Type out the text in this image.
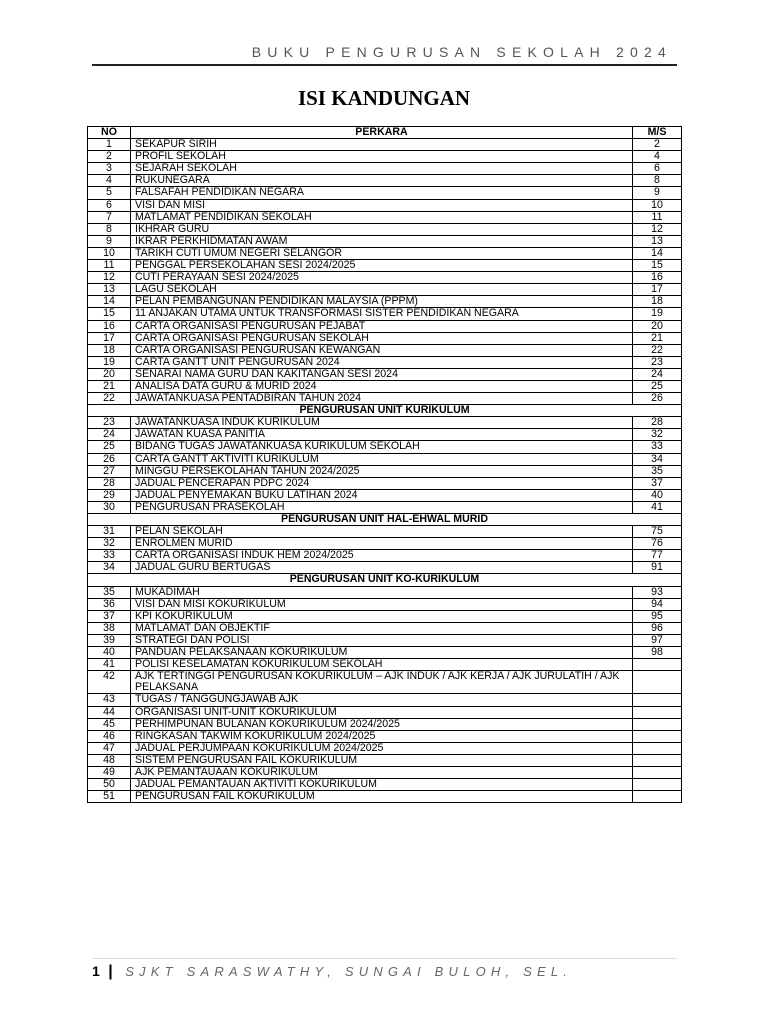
BUKU PENGURUSAN SEKOLAH 2024
ISI KANDUNGAN
NO	PERKARA	M/S
1	SEKAPUR SIRIH	2
2	PROFIL SEKOLAH	4
3	SEJARAH SEKOLAH	6
4	RUKUNEGARA	8
5	FALSAFAH PENDIDIKAN NEGARA	9
6	VISI DAN MISI	10
7	MATLAMAT PENDIDIKAN SEKOLAH	11
8	IKHRAR GURU	12
9	IKRAR PERKHIDMATAN AWAM	13
10	TARIKH CUTI UMUM NEGERI SELANGOR	14
11	PENGGAL PERSEKOLAHAN SESI 2024/2025	15
12	CUTI PERAYAAN SESI 2024/2025	16
13	LAGU SEKOLAH	17
14	PELAN PEMBANGUNAN PENDIDIKAN MALAYSIA (PPPM)	18
15	11 ANJAKAN UTAMA UNTUK TRANSFORMASI SISTER PENDIDIKAN NEGARA	19
16	CARTA ORGANISASI PENGURUSAN PEJABAT	20
17	CARTA ORGANISASI PENGURUSAN SEKOLAH	21
18	CARTA ORGANISASI PENGURUSAN KEWANGAN	22
19	CARTA GANTT UNIT PENGURUSAN 2024	23
20	SENARAI NAMA GURU DAN KAKITANGAN SESI 2024	24
21	ANALISA DATA GURU & MURID 2024	25
22	JAWATANKUASA PENTADBIRAN TAHUN 2024	26
PENGURUSAN UNIT KURIKULUM		
23	JAWATANKUASA INDUK KURIKULUM	28
24	JAWATAN KUASA PANITIA	32
25	BIDANG TUGAS JAWATANKUASA KURIKULUM SEKOLAH	33
26	CARTA GANTT AKTIVITI KURIKULUM	34
27	MINGGU PERSEKOLAHAN TAHUN 2024/2025	35
28	JADUAL PENCERAPAN PDPC 2024	37
29	JADUAL PENYEMAKAN BUKU LATIHAN 2024	40
30	PENGURUSAN PRASEKOLAH	41
PENGURUSAN UNIT HAL-EHWAL MURID		
31	PELAN SEKOLAH	75
32	ENROLMEN MURID	76
33	CARTA ORGANISASI INDUK HEM 2024/2025	77
34	JADUAL GURU BERTUGAS	91
PENGURUSAN UNIT KO-KURIKULUM		
35	MUKADIMAH	93
36	VISI DAN MISI KOKURIKULUM	94
37	KPI KOKURIKULUM	95
38	MATLAMAT DAN OBJEKTIF	96
39	STRATEGI DAN POLISI	97
40	PANDUAN PELAKSANAAN KOKURIKULUM	98
41	POLISI KESELAMATAN KOKURIKULUM SEKOLAH	
42	AJK TERTINGGI PENGURUSAN KOKURIKULUM – AJK INDUK / AJK KERJA / AJK JURULATIH / AJK PELAKSANA	
43	TUGAS / TANGGUNGJAWAB AJK	
44	ORGANISASI UNIT-UNIT KOKURIKULUM	
45	PERHIMPUNAN BULANAN KOKURIKULUM 2024/2025	
46	RINGKASAN TAKWIM KOKURIKULUM 2024/2025	
47	JADUAL PERJUMPAAN KOKURIKULUM 2024/2025	
48	SISTEM PENGURUSAN FAIL KOKURIKULUM	
49	AJK PEMANTAUAAN KOKURIKULUM	
50	JADUAL PEMANTAUAN AKTIVITI KOKURIKULUM	
51	PENGURUSAN FAIL KOKURIKULUM	
1 | SJKT SARASWATHY, SUNGAI BULOH, SEL.
